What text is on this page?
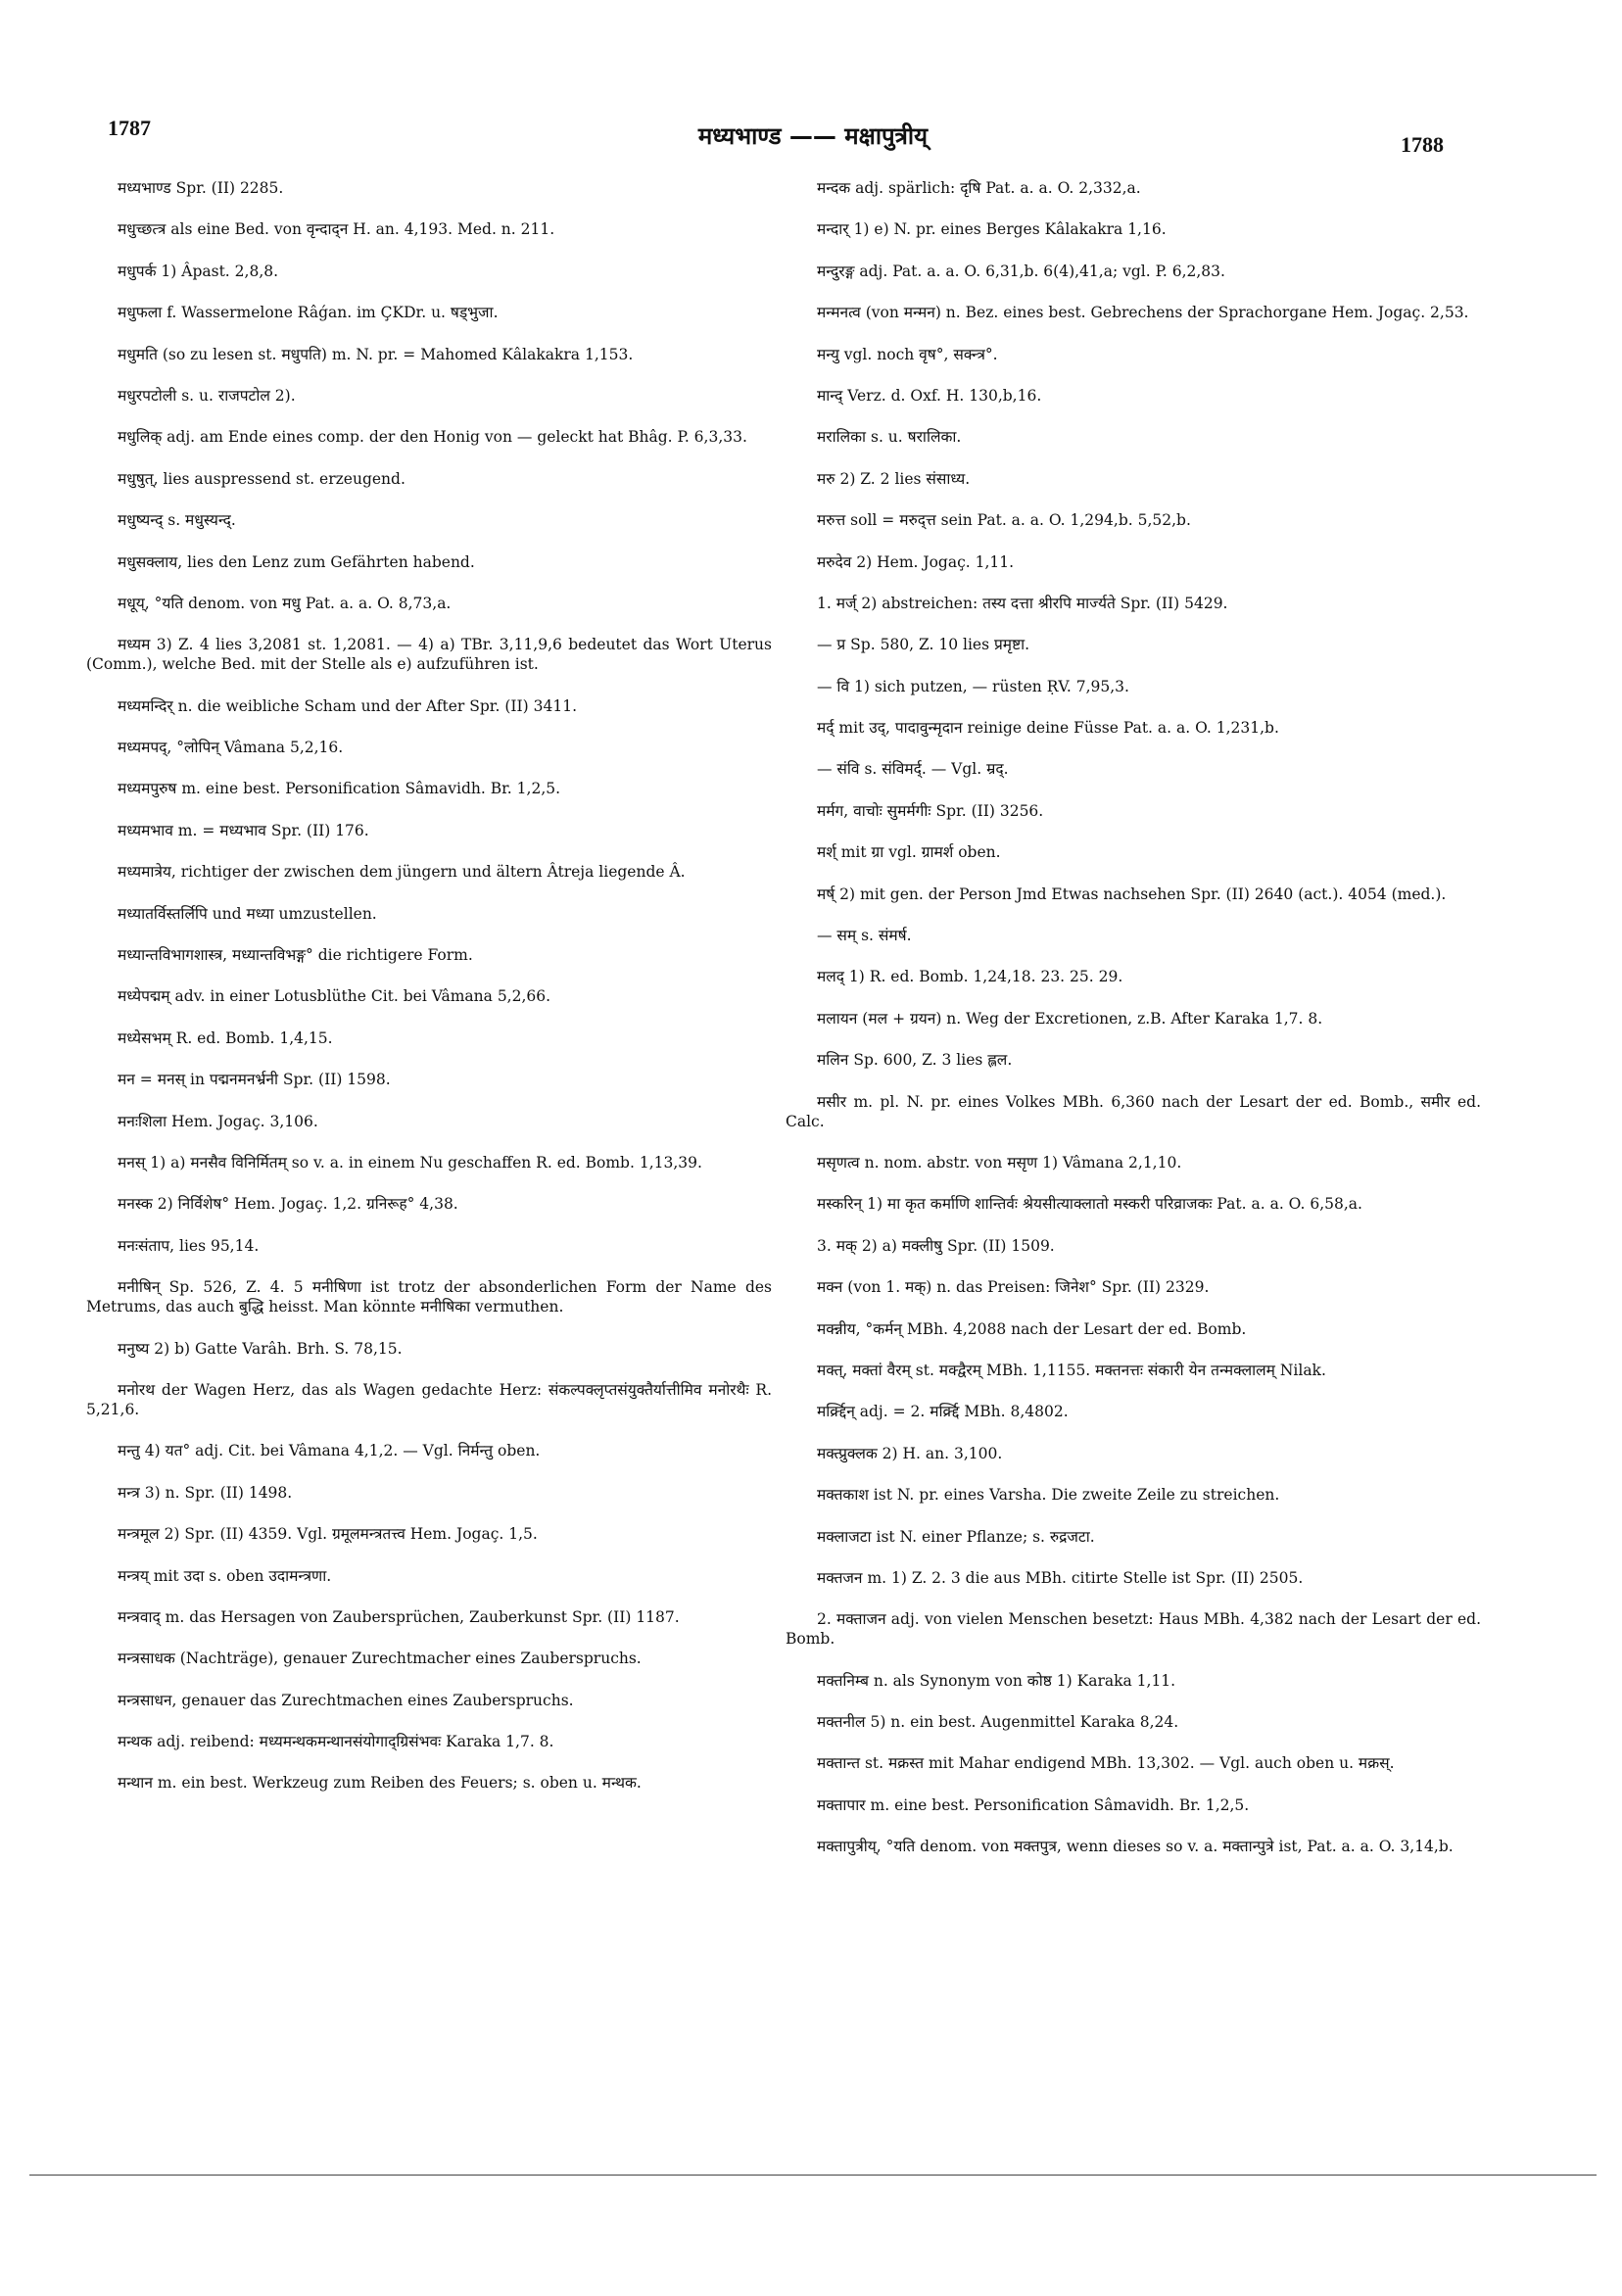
1787	मध्यभाण्ड —— मक्षापुत्रीय्	1788

मध्यभाण्ड Spr. (II) 2285.

मधुच्छत्त्र als eine Bed. von वृन्दाद्न H. an. 4,193. Med. n. 211.

मधुपर्क 1) Âpast. 2,8,8.

मधुफला f. Wassermelone Râǵan. im ÇKDr. u. षड्भुजा.

मधुमति (so zu lesen st. मधुपति) m. N. pr. = Mahomed Kâlakakra 1,153.

मधुरपटोली s. u. राजपटोल 2).

मधुलिक् adj. am Ende eines comp. der den Honig von — geleckt hat Bhâg. P. 6,3,33.

मधुषुत्, lies auspressend st. erzeugend.

मधुष्यन्द् s. मधुस्यन्द्.

मधुसक्लाय, lies den Lenz zum Gefährten habend.

मधूय्, °यति denom. von मधु Pat. a. a. O. 8,73,a.

मध्यम 3) Z. 4 lies 3,2081 st. 1,2081. — 4) a) TBr. 3,11,9,6 bedeutet das Wort Uterus (Comm.), welche Bed. mit der Stelle als e) aufzuführen ist.

मध्यमन्दिर् n. die weibliche Scham und der After Spr. (II) 3411.

मध्यमपद्, °लोपिन् Vâmana 5,2,16.

मध्यमपुरुष m. eine best. Personification Sâmavidh. Br. 1,2,5.

मध्यमभाव m. = मध्यभाव Spr. (II) 176.

मध्यमात्रेय, richtiger der zwischen dem jüngern und ältern Âtreja liegende Â.

मध्यातर्विस्तर्लिपि und मध्या umzustellen.

मध्यान्तविभागशास्त्र, मध्यान्तविभङ्ग° die richtigere Form.

मध्येपद्मम् adv. in einer Lotusblüthe Cit. bei Vâmana 5,2,66.

मध्येसभम् R. ed. Bomb. 1,4,15.

मन = मनस् in पद्मनमनर्भ्रनी Spr. (II) 1598.

मनःशिला Hem. Jogaç. 3,106.

मनस् 1) a) मनसैव विनिर्मितम् so v. a. in einem Nu geschaffen R. ed. Bomb. 1,13,39.

मनस्क 2) निर्विशेष° Hem. Jogaç. 1,2. ग्रनिरूह° 4,38.

मनःसंताप, lies 95,14.

मनीषिन् Sp. 526, Z. 4. 5 मनीषिणा ist trotz der absonderlichen Form der Name des Metrums, das auch बुद्धि heisst. Man könnte मनीषिका vermuthen.

मनुष्य 2) b) Gatte Varâh. Brh. S. 78,15.

मनोरथ der Wagen Herz, das als Wagen gedachte Herz: संकल्पक्लृप्तसंयुक्तैर्यात्तीमिव मनोरथैः R. 5,21,6.

मन्तु 4) यत° adj. Cit. bei Vâmana 4,1,2. — Vgl. निर्मन्तु oben.

मन्त्र 3) n. Spr. (II) 1498.

मन्त्रमूल 2) Spr. (II) 4359. Vgl. ग्रमूलमन्त्रतत्त्व Hem. Jogaç. 1,5.

मन्त्रय् mit उदा s. oben उदामन्त्रणा.

मन्त्रवाद् m. das Hersagen von Zaubersprüchen, Zauberkunst Spr. (II) 1187.

मन्त्रसाधक (Nachträge), genauer Zurechtmacher eines Zauberspruchs.

मन्त्रसाधन, genauer das Zurechtmachen eines Zauberspruchs.

मन्थक adj. reibend: मध्यमन्थकमन्थानसंयोगाद्ग्रिसंभवः Karaka 1,7. 8.

मन्थान m. ein best. Werkzeug zum Reiben des Feuers; s. oben u. मन्थक.

मन्दक adj. spärlich: दृषि Pat. a. a. O. 2,332,a.

मन्दार् 1) e) N. pr. eines Berges Kâlakakra 1,16.

मन्दुरङ्ग adj. Pat. a. a. O. 6,31,b. 6(4),41,a; vgl. P. 6,2,83.

मन्मनत्व (von मन्मन) n. Bez. eines best. Gebrechens der Sprachorgane Hem. Jogaç. 2,53.

मन्यु vgl. noch वृष°, सक्न्त्र°.

मान्द् Verz. d. Oxf. H. 130,b,16.

मरालिका s. u. षरालिका.

मरु 2) Z. 2 lies संसाध्य.

मरुत्त soll = मरुद्त्त sein Pat. a. a. O. 1,294,b. 5,52,b.

मरुदेव 2) Hem. Jogaç. 1,11.

1. मर्ज् 2) abstreichen: तस्य दत्ता श्रीरपि मार्ज्यते Spr. (II) 5429.

— प्र Sp. 580, Z. 10 lies प्रमृष्टा.

— वि 1) sich putzen, — rüsten ṚV. 7,95,3.

मर्द् mit उद्, पादावुन्मृदान reinige deine Füsse Pat. a. a. O. 1,231,b.

— संवि s. संविमर्द्. — Vgl. म्रद्.

मर्मग, वाचोः सुमर्मगीः Spr. (II) 3256.

मर्श् mit ग्रा vgl. ग्रामर्श oben.

मर्ष् 2) mit gen. der Person Jmd Etwas nachsehen Spr. (II) 2640 (act.). 4054 (med.).

— सम् s. संमर्ष.

मलद् 1) R. ed. Bomb. 1,24,18. 23. 25. 29.

मलायन (मल + ग्रयन) n. Weg der Excretionen, z.B. After Karaka 1,7. 8.

मलिन Sp. 600, Z. 3 lies ह्लल.

मसीर m. pl. N. pr. eines Volkes MBh. 6,360 nach der Lesart der ed. Bomb., समीर ed. Calc.

मसृणत्व n. nom. abstr. von मसृण 1) Vâmana 2,1,10.

मस्करिन् 1) मा कृत कर्माणि शान्तिर्वः श्रेयसीत्याक्लातो मस्करी परिव्राजकः Pat. a. a. O. 6,58,a.

3. मक् 2) a) मक्लीषु Spr. (II) 1509.

मक्न (von 1. मक्) n. das Preisen: जिनेश° Spr. (II) 2329.

मक्न्नीय, °कर्मन् MBh. 4,2088 nach der Lesart der ed. Bomb.

मक्त्, मक्तां वैरम् st. मक्द्वैरम् MBh. 1,1155. मक्तनत्तः संकारी येन तन्मक्लालम् Nilak.

मर्क्र्द्दिन् adj. = 2. मर्क्र्द्दि MBh. 8,4802.

मक्त्प्रुक्लक 2) H. an. 3,100.

मक्तकाश ist N. pr. eines Varsha. Die zweite Zeile zu streichen.

मक्लाजटा ist N. einer Pflanze; s. रुद्रजटा.

मक्तजन m. 1) Z. 2. 3 die aus MBh. citirte Stelle ist Spr. (II) 2505.

2. मक्ताजन adj. von vielen Menschen besetzt: Haus MBh. 4,382 nach der Lesart der ed. Bomb.

मक्तनिम्ब n. als Synonym von कोष्ठ 1) Karaka 1,11.

मक्तनील 5) n. ein best. Augenmittel Karaka 8,24.

मक्तान्त st. मक्रस्त mit Mahar endigend MBh. 13,302. — Vgl. auch oben u. मक्रस्.

मक्तापार m. eine best. Personification Sâmavidh. Br. 1,2,5.

मक्तापुत्रीय्, °यति denom. von मक्तपुत्र, wenn dieses so v. a. मक्तान्पुत्रे ist, Pat. a. a. O. 3,14,b.
